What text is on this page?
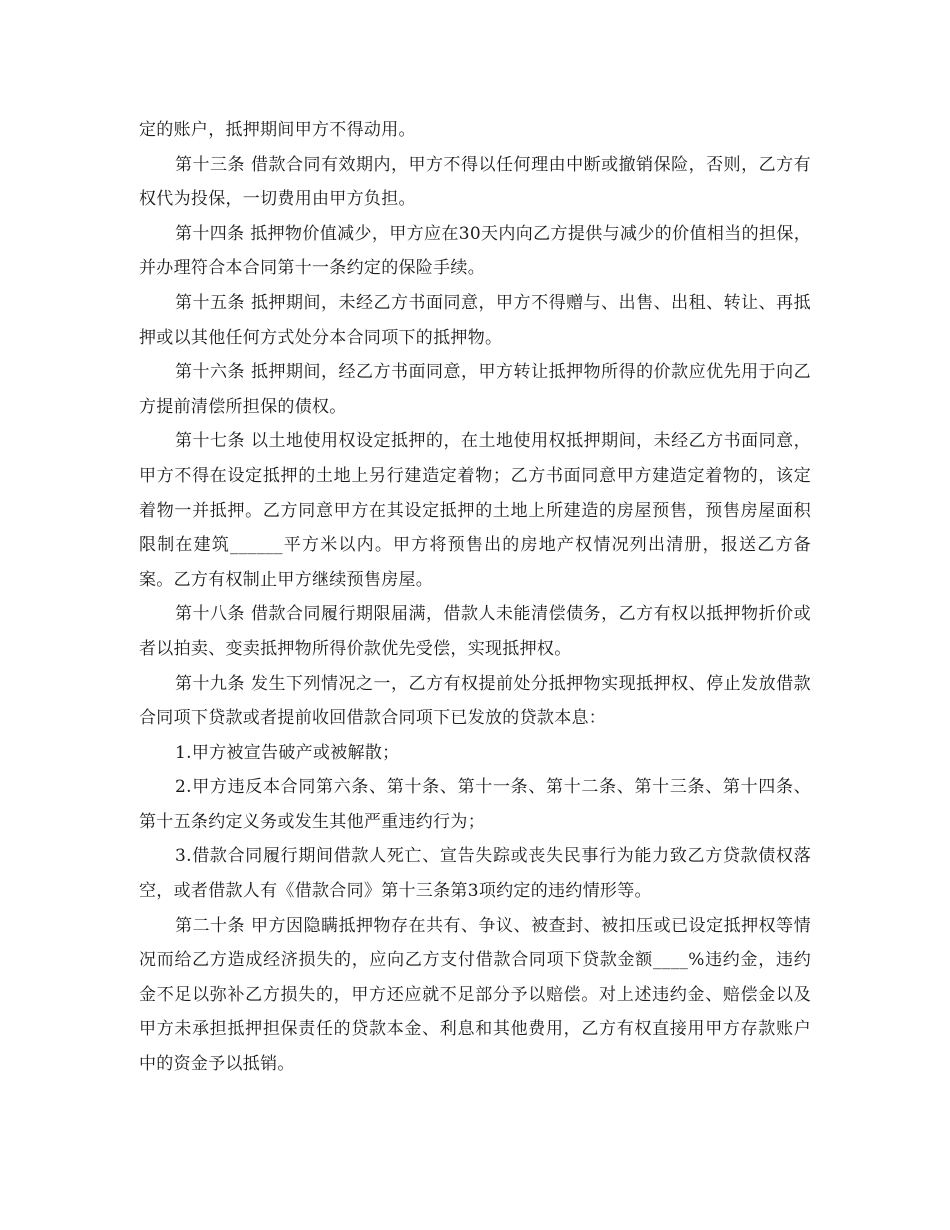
定的账户，抵押期间甲方不得动用。

第十三条 借款合同有效期内，甲方不得以任何理由中断或撤销保险，否则，乙方有权代为投保，一切费用由甲方负担。

第十四条 抵押物价值减少，甲方应在30天内向乙方提供与减少的价值相当的担保，并办理符合本合同第十一条约定的保险手续。

第十五条 抵押期间，未经乙方书面同意，甲方不得赠与、出售、出租、转让、再抵押或以其他任何方式处分本合同项下的抵押物。

第十六条 抵押期间，经乙方书面同意，甲方转让抵押物所得的价款应优先用于向乙方提前清偿所担保的债权。

第十七条 以土地使用权设定抵押的，在土地使用权抵押期间，未经乙方书面同意，甲方不得在设定抵押的土地上另行建造定着物；乙方书面同意甲方建造定着物的，该定着物一并抵押。乙方同意甲方在其设定抵押的土地上所建造的房屋预售，预售房屋面积限制在建筑______平方米以内。甲方将预售出的房地产权情况列出清册，报送乙方备案。乙方有权制止甲方继续预售房屋。

第十八条 借款合同履行期限届满，借款人未能清偿债务，乙方有权以抵押物折价或者以拍卖、变卖抵押物所得价款优先受偿，实现抵押权。

第十九条 发生下列情况之一，乙方有权提前处分抵押物实现抵押权、停止发放借款合同项下贷款或者提前收回借款合同项下已发放的贷款本息：

1.甲方被宣告破产或被解散；

2.甲方违反本合同第六条、第十条、第十一条、第十二条、第十三条、第十四条、第十五条约定义务或发生其他严重违约行为；

3.借款合同履行期间借款人死亡、宣告失踪或丧失民事行为能力致乙方贷款债权落空，或者借款人有《借款合同》第十三条第3项约定的违约情形等。

第二十条 甲方因隐瞒抵押物存在共有、争议、被查封、被扣压或已设定抵押权等情况而给乙方造成经济损失的，应向乙方支付借款合同项下贷款金额____%违约金，违约金不足以弥补乙方损失的，甲方还应就不足部分予以赔偿。对上述违约金、赔偿金以及甲方未承担抵押担保责任的贷款本金、利息和其他费用，乙方有权直接用甲方存款账户中的资金予以抵销。
